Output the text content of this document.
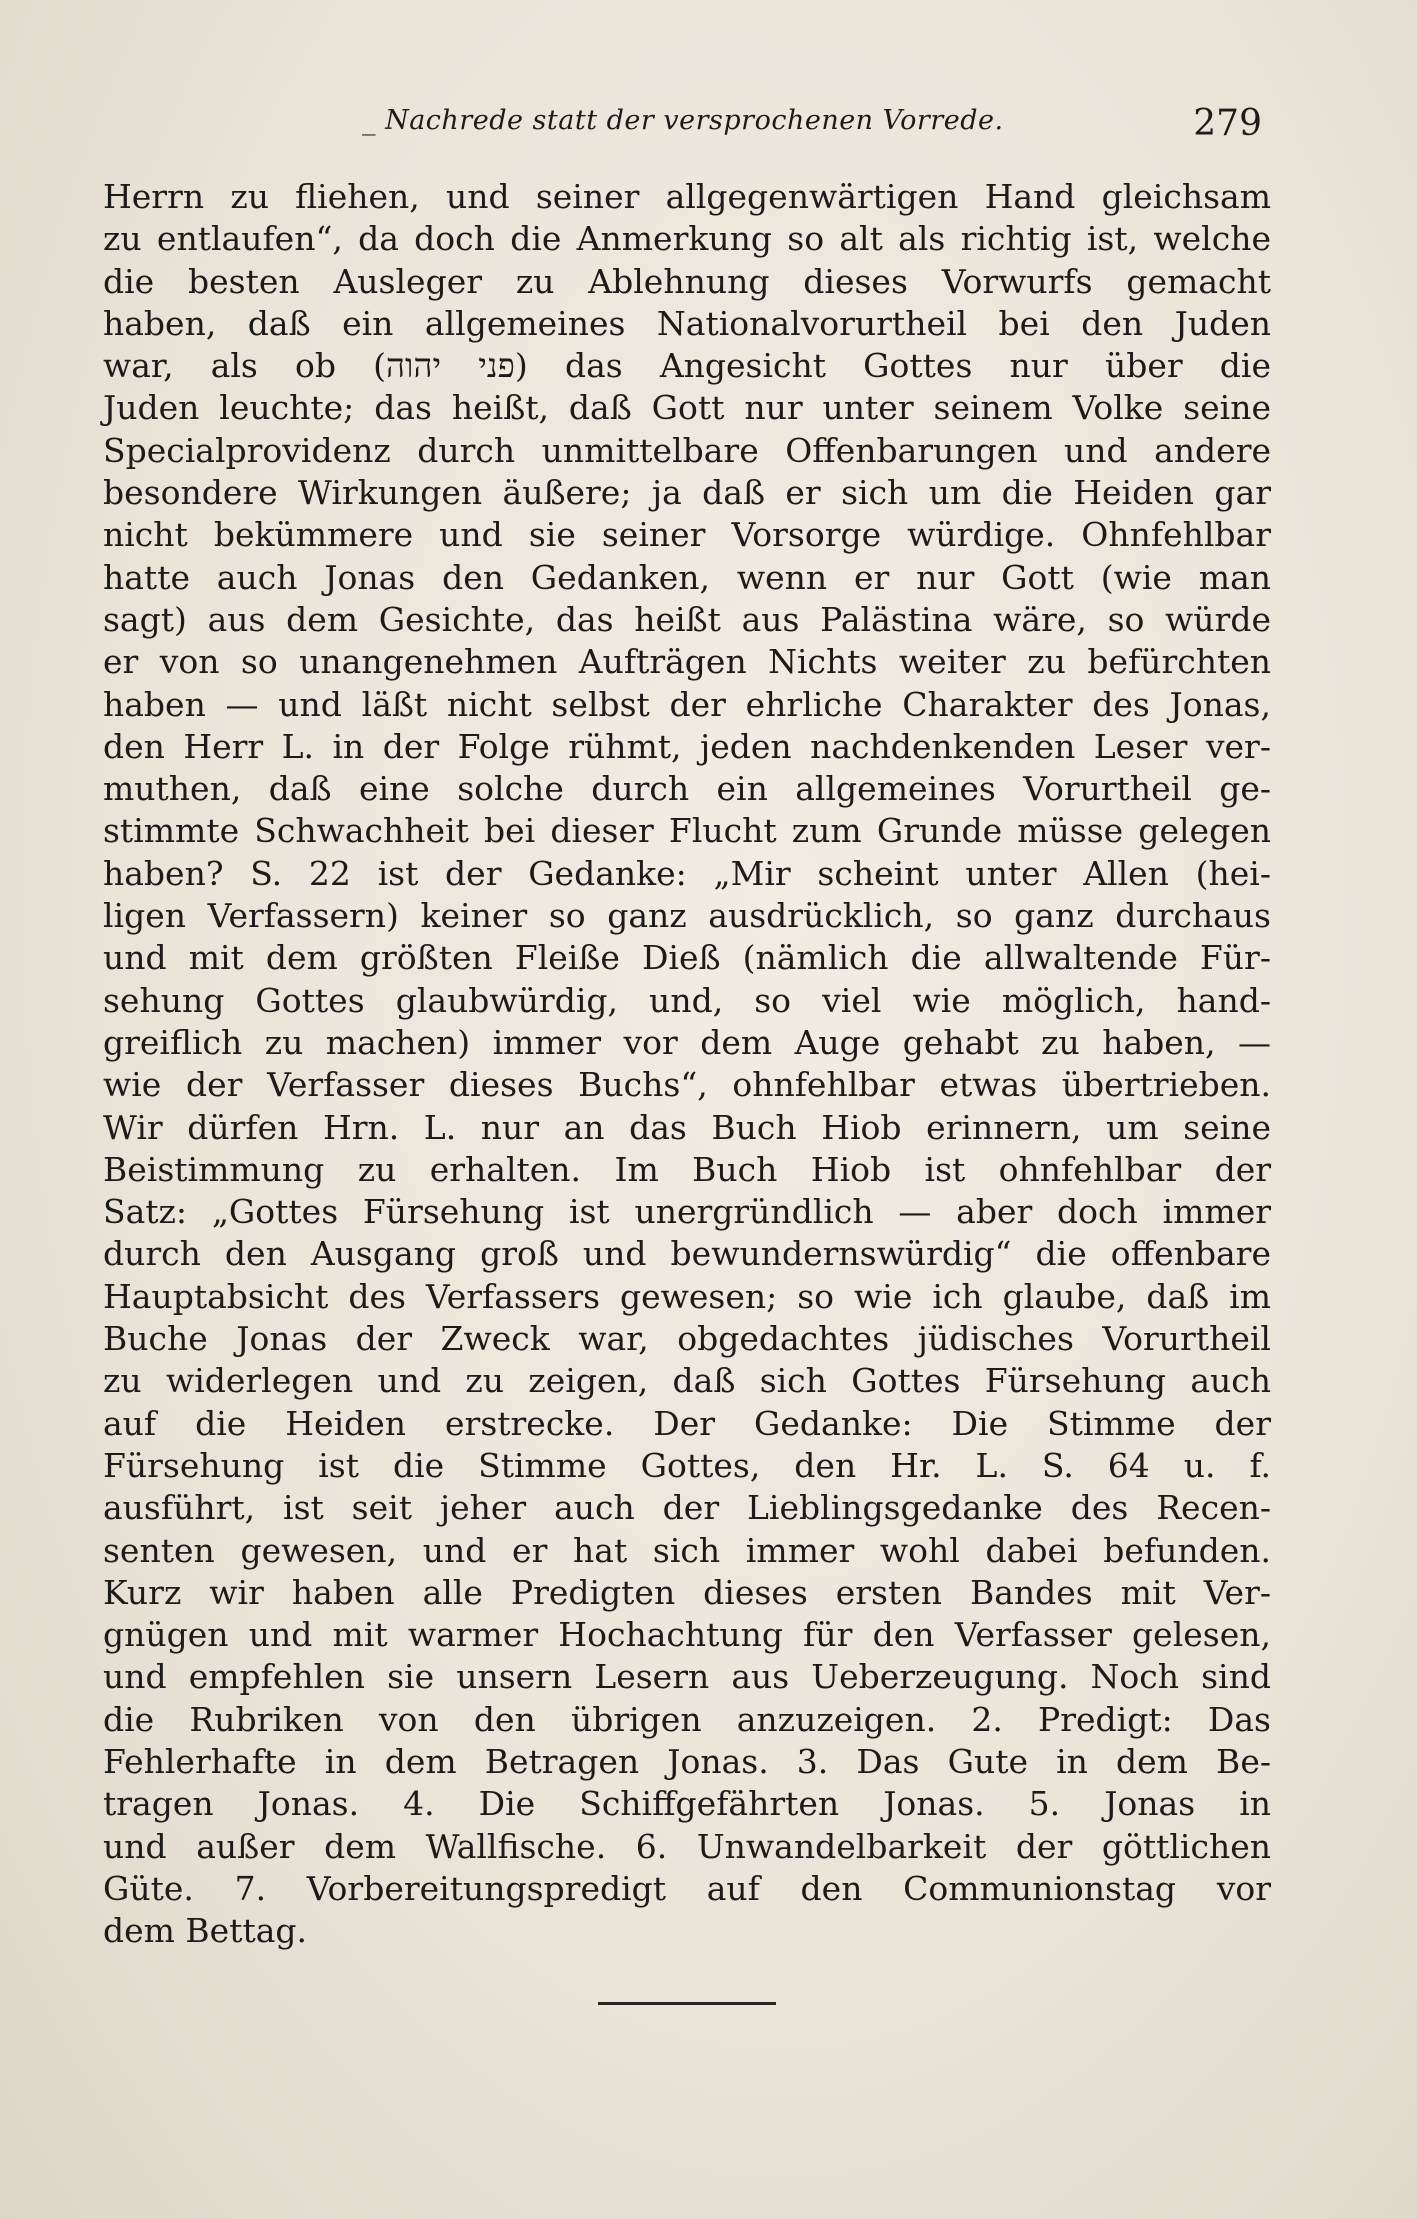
_ Nachrede statt der versprochenen Vorrede.	279
Herrn zu fliehen, und seiner allgegenwärtigen Hand gleichsam
zu entlaufen“, da doch die Anmerkung so alt als richtig ist, welche
die besten Ausleger zu Ablehnung dieses Vorwurfs gemacht
haben, daß ein allgemeines Nationalvorurtheil bei den Juden
war, als ob (פני יהוה) das Angesicht Gottes nur über die
Juden leuchte; das heißt, daß Gott nur unter seinem Volke seine
Specialprovidenz durch unmittelbare Offenbarungen und andere
besondere Wirkungen äußere; ja daß er sich um die Heiden gar
nicht bekümmere und sie seiner Vorsorge würdige. Ohnfehlbar
hatte auch Jonas den Gedanken, wenn er nur Gott (wie man
sagt) aus dem Gesichte, das heißt aus Palästina wäre, so würde
er von so unangenehmen Aufträgen Nichts weiter zu befürchten
haben — und läßt nicht selbst der ehrliche Charakter des Jonas,
den Herr L. in der Folge rühmt, jeden nachdenkenden Leser ver-
muthen, daß eine solche durch ein allgemeines Vorurtheil ge-
stimmte Schwachheit bei dieser Flucht zum Grunde müsse gelegen
haben? S. 22 ist der Gedanke: „Mir scheint unter Allen (hei-
ligen Verfassern) keiner so ganz ausdrücklich, so ganz durchaus
und mit dem größten Fleiße Dieß (nämlich die allwaltende Für-
sehung Gottes glaubwürdig, und, so viel wie möglich, hand-
greiflich zu machen) immer vor dem Auge gehabt zu haben, —
wie der Verfasser dieses Buchs“, ohnfehlbar etwas übertrieben.
Wir dürfen Hrn. L. nur an das Buch Hiob erinnern, um seine
Beistimmung zu erhalten. Im Buch Hiob ist ohnfehlbar der
Satz: „Gottes Fürsehung ist unergründlich — aber doch immer
durch den Ausgang groß und bewundernswürdig“ die offenbare
Hauptabsicht des Verfassers gewesen; so wie ich glaube, daß im
Buche Jonas der Zweck war, obgedachtes jüdisches Vorurtheil
zu widerlegen und zu zeigen, daß sich Gottes Fürsehung auch
auf die Heiden erstrecke. Der Gedanke: Die Stimme der
Fürsehung ist die Stimme Gottes, den Hr. L. S. 64 u. f.
ausführt, ist seit jeher auch der Lieblingsgedanke des Recen-
senten gewesen, und er hat sich immer wohl dabei befunden.
Kurz wir haben alle Predigten dieses ersten Bandes mit Ver-
gnügen und mit warmer Hochachtung für den Verfasser gelesen,
und empfehlen sie unsern Lesern aus Ueberzeugung. Noch sind
die Rubriken von den übrigen anzuzeigen. 2. Predigt: Das
Fehlerhafte in dem Betragen Jonas. 3. Das Gute in dem Be-
tragen Jonas. 4. Die Schiffgefährten Jonas. 5. Jonas in
und außer dem Wallfische. 6. Unwandelbarkeit der göttlichen
Güte. 7. Vorbereitungspredigt auf den Communionstag vor
dem Bettag.
